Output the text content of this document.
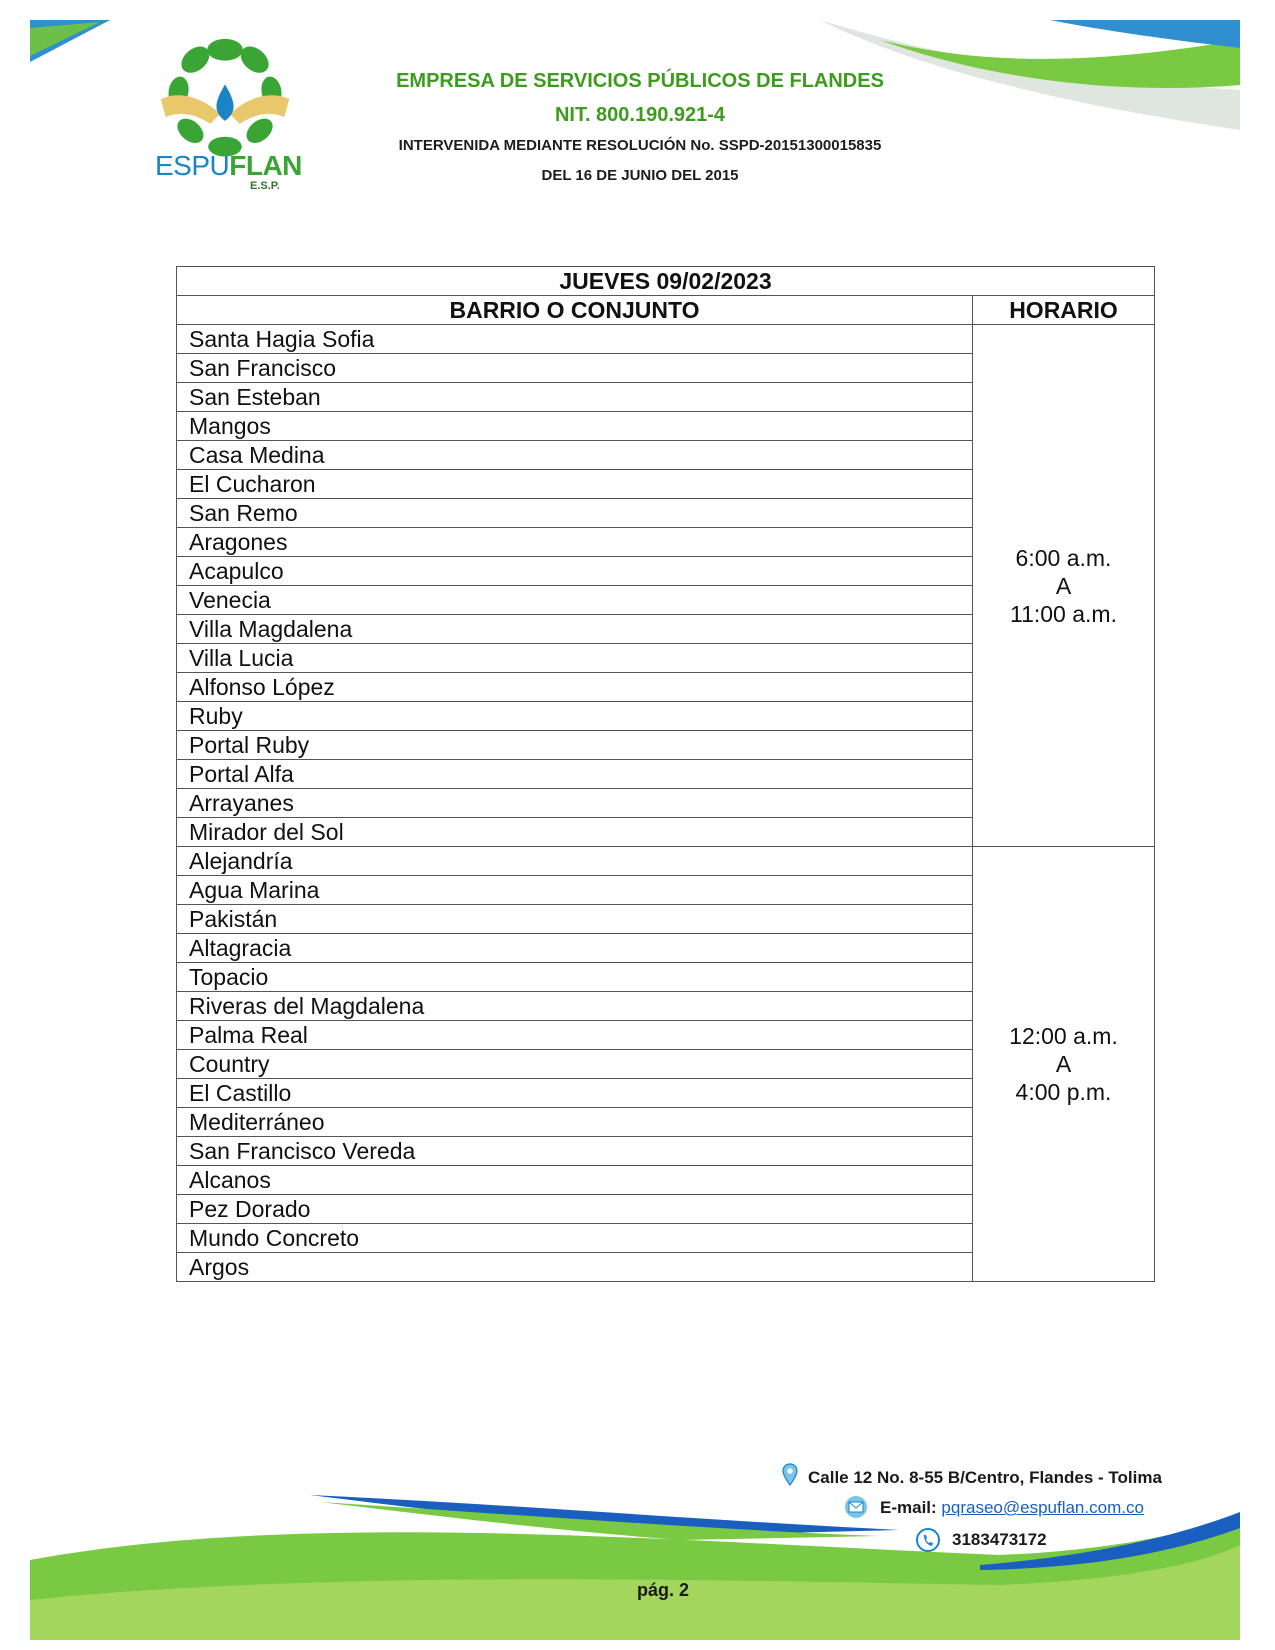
ESPUFLAN
E.S.P.
EMPRESA DE SERVICIOS PÚBLICOS DE FLANDES
NIT. 800.190.921-4
INTERVENIDA MEDIANTE RESOLUCIÓN No. SSPD-20151300015835
DEL 16 DE JUNIO DEL 2015
JUEVES 09/02/2023	
BARRIO O CONJUNTO	HORARIO
Santa Hagia Sofia	6:00 a.m.
A
11:00 a.m.

San Francisco	
San Esteban	
Mangos	
Casa Medina	
El Cucharon	
San Remo	
Aragones	
Acapulco	
Venecia	
Villa Magdalena	
Villa Lucia	
Alfonso López	
Ruby	
Portal Ruby	
Portal Alfa	
Arrayanes	
Mirador del Sol	
Alejandría	12:00 a.m.
A
4:00 p.m.

Agua Marina	
Pakistán	
Altagracia	
Topacio	
Riveras del Magdalena	
Palma Real	
Country	
El Castillo	
Mediterráneo	
San Francisco Vereda	
Alcanos	
Pez Dorado	
Mundo Concreto	
Argos	
Calle 12 No. 8-55 B/Centro, Flandes - Tolima
E-mail: pqraseo@espuflan.com.co
3183473172
pág. 2
